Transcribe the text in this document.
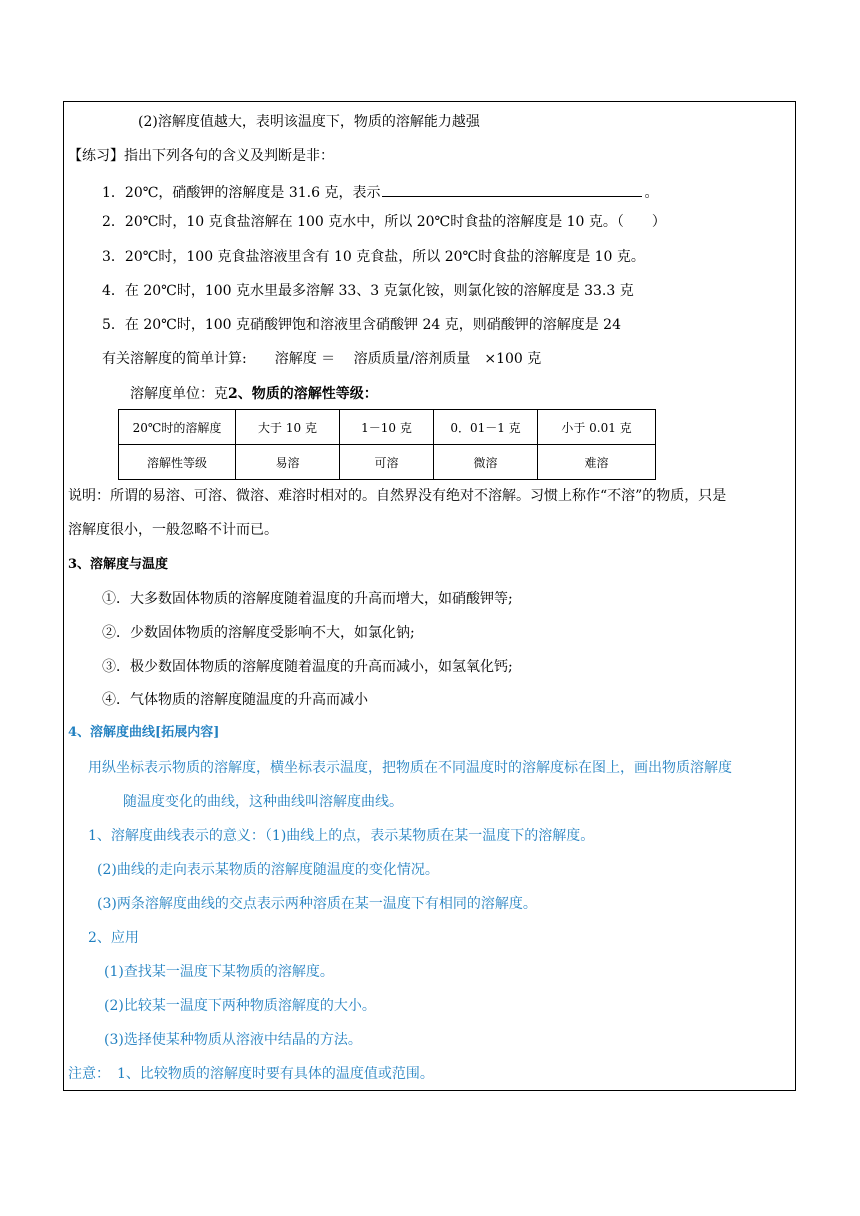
(2)溶解度值越大，表明该温度下，物质的溶解能力越强
【练习】指出下列各句的含义及判断是非：
1．20℃，硝酸钾的溶解度是 31.6 克，表示	。
2．20℃时，10 克食盐溶解在 100 克水中，所以 20℃时食盐的溶解度是 10 克。（　　）
3．20℃时，100 克食盐溶液里含有 10 克食盐，所以 20℃时食盐的溶解度是 10 克。
4．在 20℃时，100 克水里最多溶解 33、3 克氯化铵，则氯化铵的溶解度是 33.3 克
5．在 20℃时，100 克硝酸钾饱和溶液里含硝酸钾 24 克，则硝酸钾的溶解度是 24
有关溶解度的简单计算:　　溶解度 ＝　 溶质质量/溶剂质量　×100 克
溶解度单位：克2、物质的溶解性等级：
20℃时的溶解度	大于 10 克	1－10 克	0．01－1 克	小于 0.01 克
溶解性等级	易溶	可溶	微溶	难溶
说明：所谓的易溶、可溶、微溶、难溶时相对的。自然界没有绝对不溶解。习惯上称作“不溶”的物质，只是
溶解度很小，一般忽略不计而已。
3、溶解度与温度
①．大多数固体物质的溶解度随着温度的升高而增大，如硝酸钾等;
②．少数固体物质的溶解度受影响不大，如氯化钠;
③．极少数固体物质的溶解度随着温度的升高而减小，如氢氧化钙;
④．气体物质的溶解度随温度的升高而减小
4、溶解度曲线[拓展内容]
用纵坐标表示物质的溶解度，横坐标表示温度，把物质在不同温度时的溶解度标在图上，画出物质溶解度
随温度变化的曲线，这种曲线叫溶解度曲线。
1、溶解度曲线表示的意义：（1)曲线上的点，表示某物质在某一温度下的溶解度。
(2)曲线的走向表示某物质的溶解度随温度的变化情况。
(3)两条溶解度曲线的交点表示两种溶质在某一温度下有相同的溶解度。
2、应用
(1)查找某一温度下某物质的溶解度。
(2)比较某一温度下两种物质溶解度的大小。
(3)选择使某种物质从溶液中结晶的方法。
注意：　1、比较物质的溶解度时要有具体的温度值或范围。
